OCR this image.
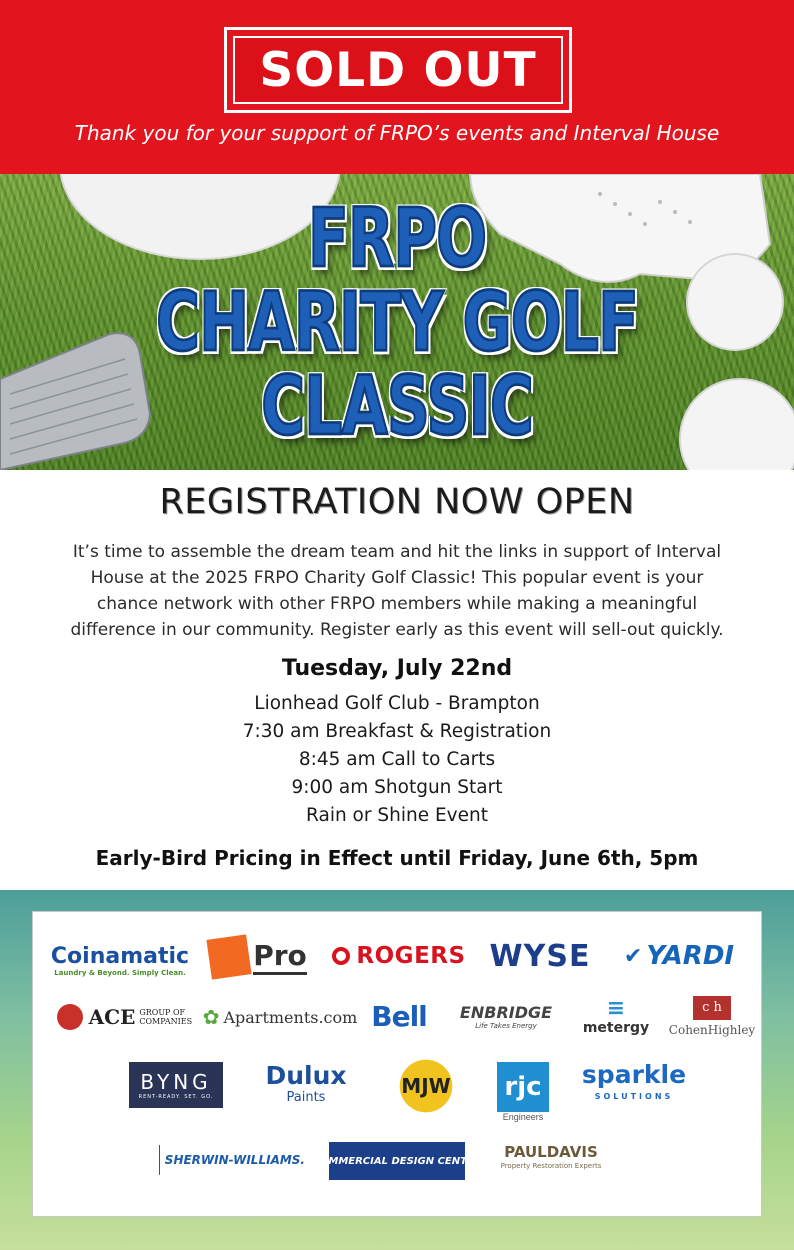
SOLD OUT
Thank you for your support of FRPO’s events and Interval House
FRPO
CHARITY GOLF
CLASSIC
REGISTRATION NOW OPEN
It’s time to assemble the dream team and hit the links in support of Interval
House at the 2025 FRPO Charity Golf Classic! This popular event is your
chance network with other FRPO members while making a meaningful
difference in our community. Register early as this event will sell-out quickly.
Tuesday, July 22nd
Lionhead Golf Club - Brampton
7:30 am Breakfast & Registration
8:45 am Call to Carts
9:00 am Shotgun Start
Rain or Shine Event
Early-Bird Pricing in Effect until Friday, June 6th, 5pm
Coinamatic
Laundry & Beyond. Simply Clean.
Pro ROGERS WYSE	✔ YARDI
ACE GROUP OF COMPANIES ✿ Apartments.com Bell ENBRIDGE
Life Takes Energy
≡
metergy
c h
CohenHighley
BYNG
RENT-READY. SET. GO.
Dulux
Paints	MJW	rjc
Engineers
sparkle
SOLUTIONS
SHERWIN-WILLIAMS. COMMERCIAL DESIGN CENTRE PAULDAVIS
Property Restoration Experts
